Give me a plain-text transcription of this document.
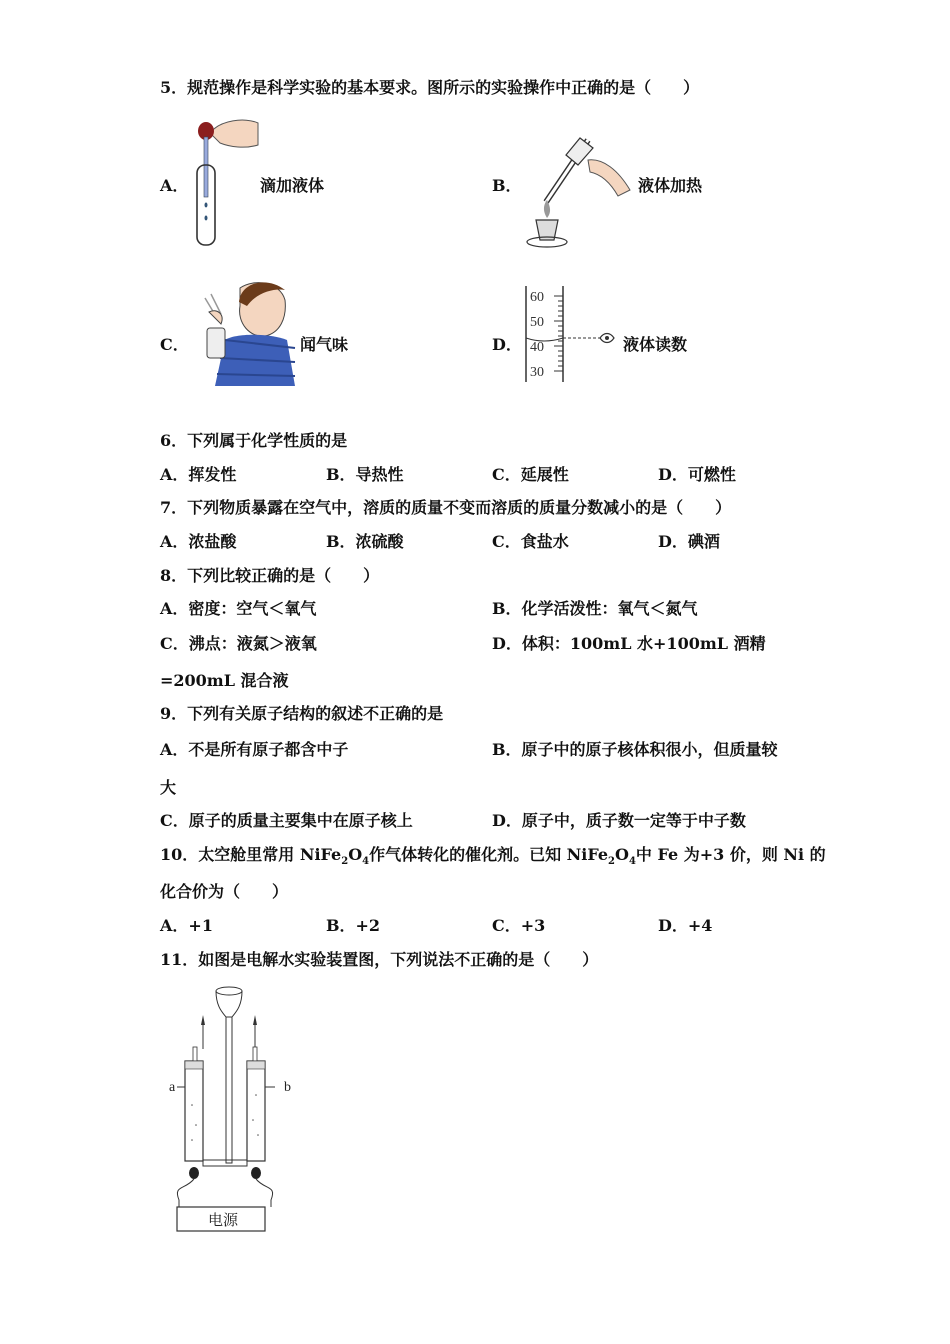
5．规范操作是科学实验的基本要求。图所示的实验操作中正确的是（　　）
A．	滴加液体	B．	液体加热
C．	闻气味	D．
60
50
40
30
液体读数
6．下列属于化学性质的是
A．挥发性	B．导热性	C．延展性	D．可燃性
7．下列物质暴露在空气中，溶质的质量不变而溶质的质量分数减小的是（　　）
A．浓盐酸	B．浓硫酸	C．食盐水	D．碘酒
8．下列比较正确的是（　　）
A．密度：空气＜氧气	B．化学活泼性：氧气＜氮气
C．沸点：液氮＞液氧	D．体积：100mL 水+100mL 酒精
=200mL 混合液
9．下列有关原子结构的叙述不正确的是
A．不是所有原子都含中子	B．原子中的原子核体积很小，但质量较
大
C．原子的质量主要集中在原子核上	D．原子中，质子数一定等于中子数
10．太空舱里常用 $NiFe_2O_4$作气体转化的催化剂。已知 $NiFe_2O_4$中 Fe 为+3 价，则 Ni 的
化合价为（　　）
A．+1	B．+2	C．+3	D．+4
11．如图是电解水实验装置图，下列说法不正确的是（　　）
电源
a	b
